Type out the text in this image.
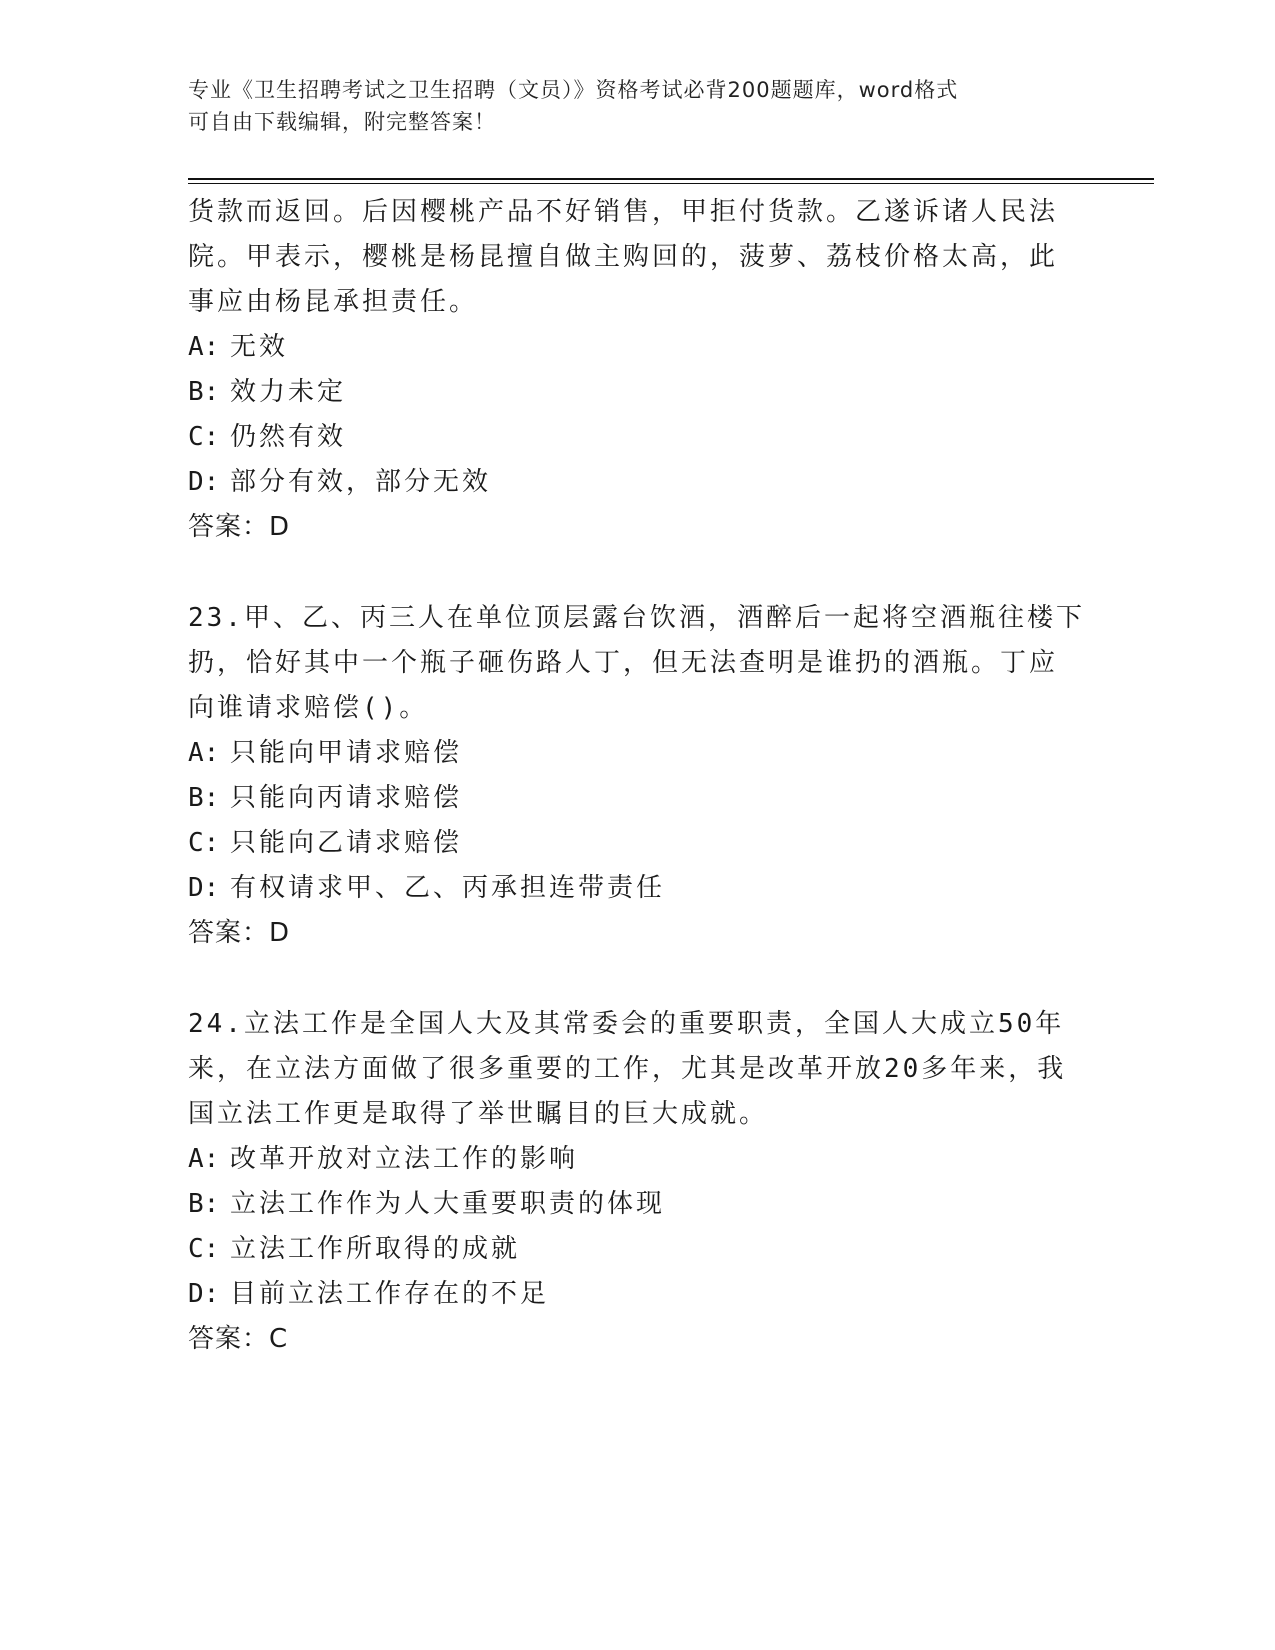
专业《卫生招聘考试之卫生招聘（文员）》资格考试必背200题题库，word格式
可自由下载编辑，附完整答案！

货款而返回。后因樱桃产品不好销售，甲拒付货款。乙遂诉诸人民法

院。甲表示，樱桃是杨昆擅自做主购回的，菠萝、荔枝价格太高，此

事应由杨昆承担责任。

A: 无效

B: 效力未定

C: 仍然有效

D: 部分有效，部分无效

答案：D

23.甲、乙、丙三人在单位顶层露台饮酒，酒醉后一起将空酒瓶往楼下

扔，恰好其中一个瓶子砸伤路人丁，但无法查明是谁扔的酒瓶。丁应

向谁请求赔偿()。

A: 只能向甲请求赔偿

B: 只能向丙请求赔偿

C: 只能向乙请求赔偿

D: 有权请求甲、乙、丙承担连带责任

答案：D

24.立法工作是全国人大及其常委会的重要职责，全国人大成立50年

来，在立法方面做了很多重要的工作，尤其是改革开放20多年来，我

国立法工作更是取得了举世瞩目的巨大成就。

A: 改革开放对立法工作的影响

B: 立法工作作为人大重要职责的体现

C: 立法工作所取得的成就

D: 目前立法工作存在的不足

答案：C
